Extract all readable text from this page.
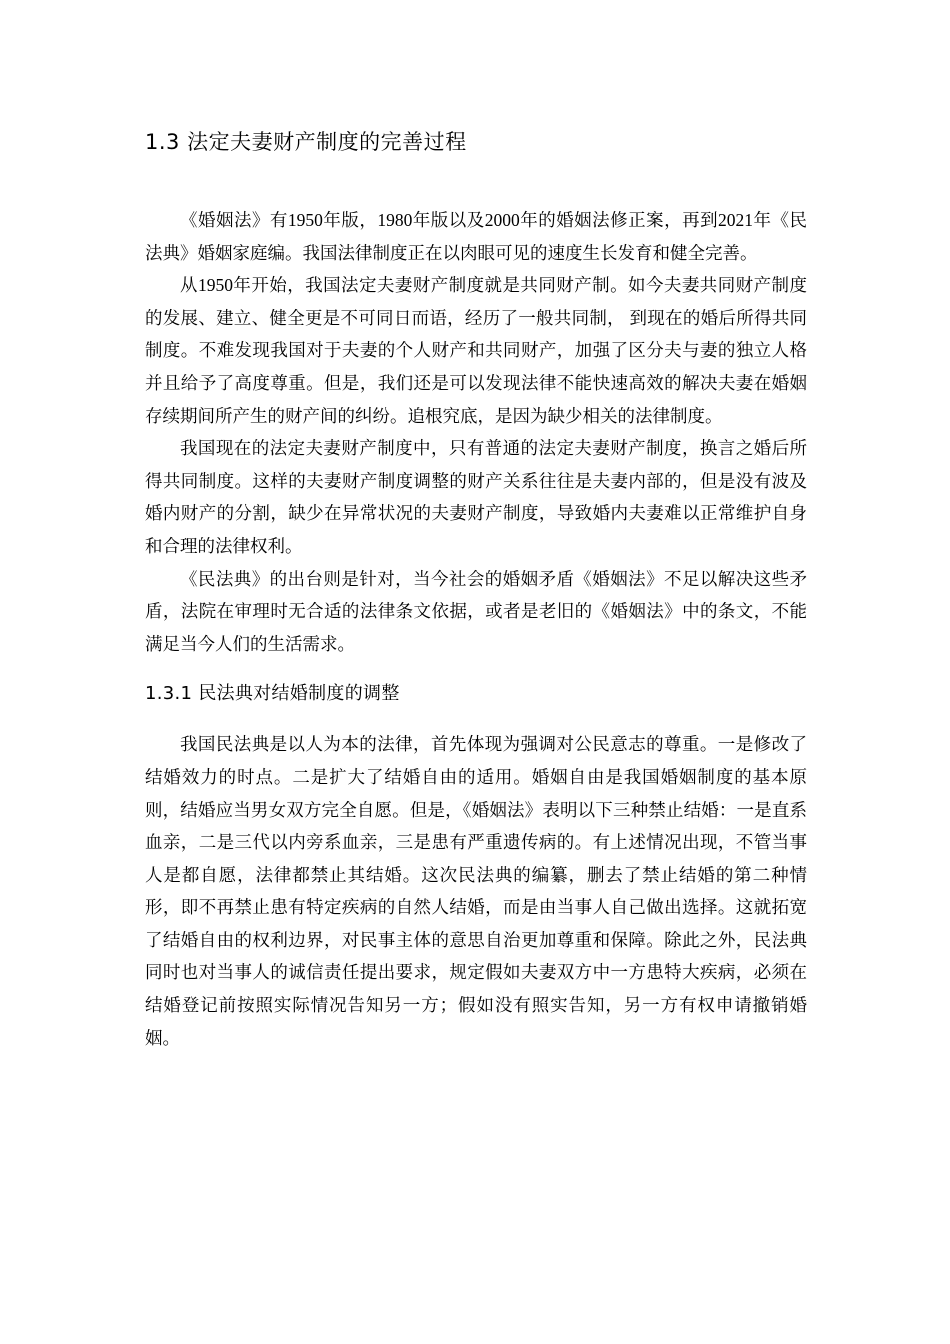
1.3 法定夫妻财产制度的完善过程

《婚姻法》有1950年版，1980年版以及2000年的婚姻法修正案，再到2021年《民法典》婚姻家庭编。我国法律制度正在以肉眼可见的速度生长发育和健全完善。

从1950年开始，我国法定夫妻财产制度就是共同财产制。如今夫妻共同财产制度的发展、建立、健全更是不可同日而语，经历了一般共同制， 到现在的婚后所得共同制度。不难发现我国对于夫妻的个人财产和共同财产，加强了区分夫与妻的独立人格并且给予了高度尊重。但是，我们还是可以发现法律不能快速高效的解决夫妻在婚姻存续期间所产生的财产间的纠纷。追根究底，是因为缺少相关的法律制度。

我国现在的法定夫妻财产制度中，只有普通的法定夫妻财产制度，换言之婚后所得共同制度。这样的夫妻财产制度调整的财产关系往往是夫妻内部的，但是没有波及婚内财产的分割，缺少在异常状况的夫妻财产制度，导致婚内夫妻难以正常维护自身和合理的法律权利。

《民法典》的出台则是针对，当今社会的婚姻矛盾《婚姻法》不足以解决这些矛盾，法院在审理时无合适的法律条文依据，或者是老旧的《婚姻法》中的条文，不能满足当今人们的生活需求。

1.3.1 民法典对结婚制度的调整

我国民法典是以人为本的法律，首先体现为强调对公民意志的尊重。一是修改了结婚效力的时点。二是扩大了结婚自由的适用。婚姻自由是我国婚姻制度的基本原则，结婚应当男女双方完全自愿。但是，《婚姻法》表明以下三种禁止结婚：一是直系血亲，二是三代以内旁系血亲，三是患有严重遗传病的。有上述情况出现，不管当事人是都自愿，法律都禁止其结婚。这次民法典的编纂，删去了禁止结婚的第二种情形，即不再禁止患有特定疾病的自然人结婚，而是由当事人自己做出选择。这就拓宽了结婚自由的权利边界，对民事主体的意思自治更加尊重和保障。除此之外，民法典同时也对当事人的诚信责任提出要求，规定假如夫妻双方中一方患特大疾病，必须在结婚登记前按照实际情况告知另一方；假如没有照实告知，另一方有权申请撤销婚姻。
